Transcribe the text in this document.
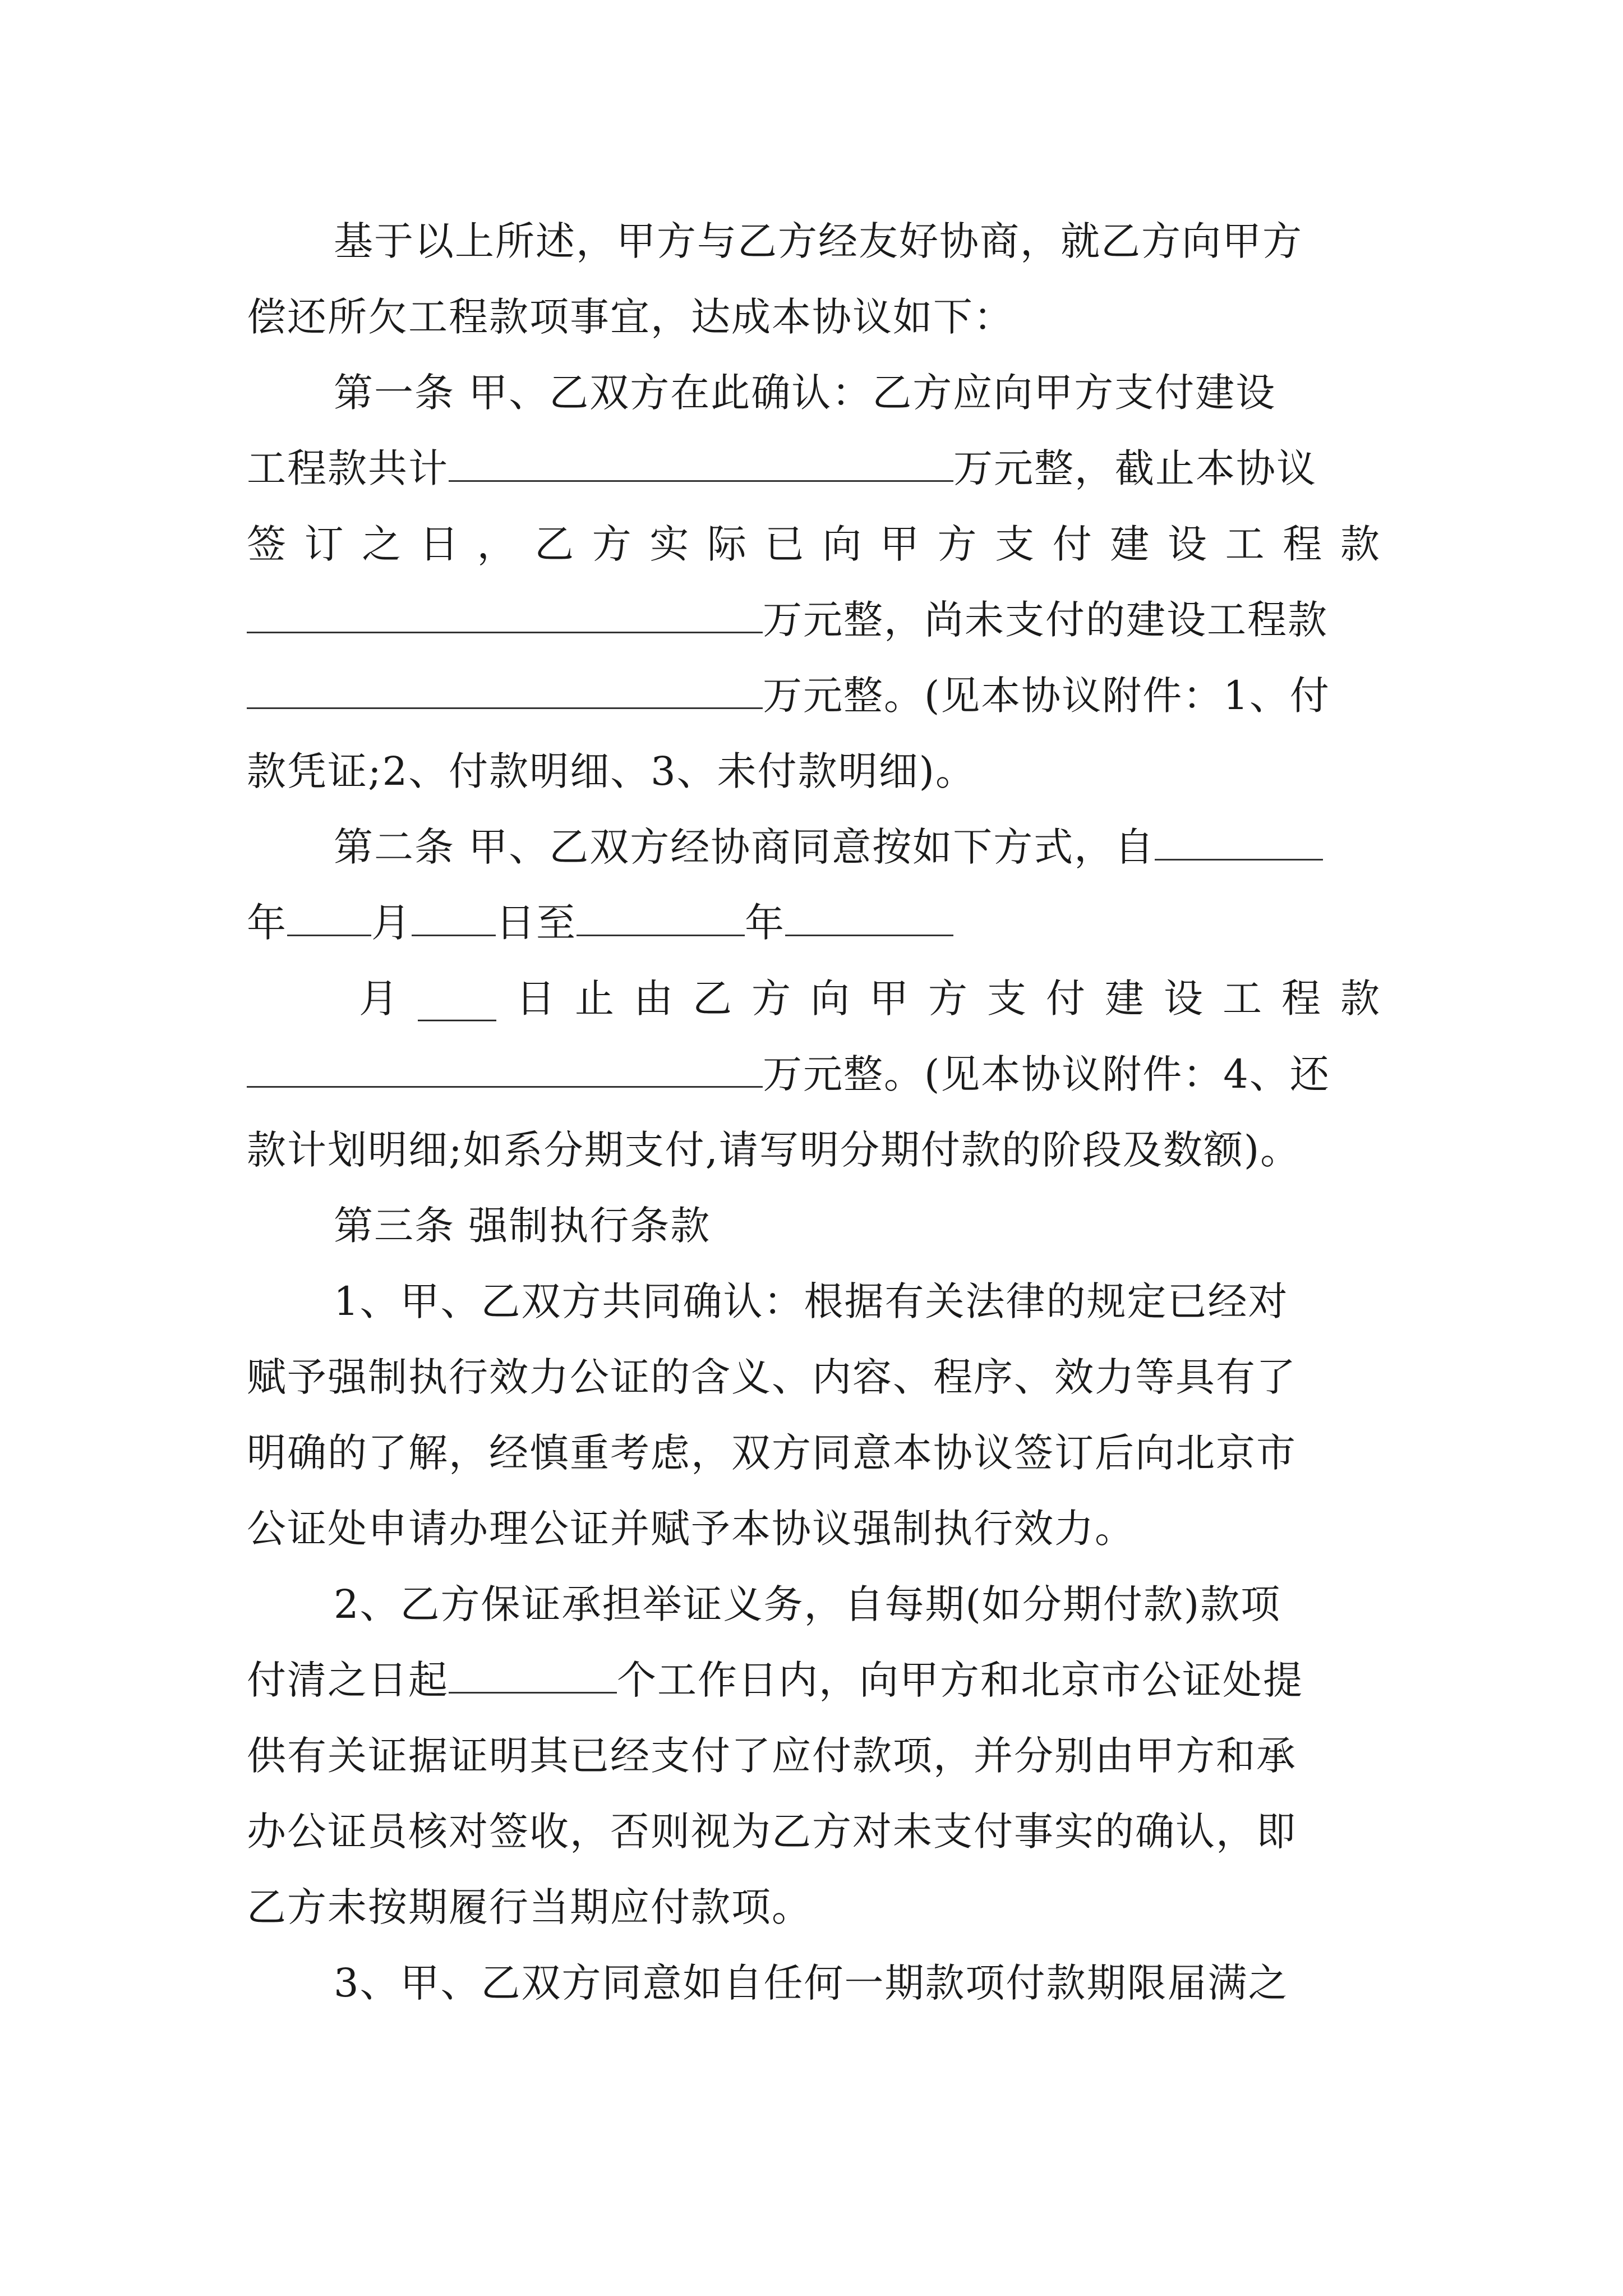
基于以上所述，甲方与乙方经友好协商，就乙方向甲方
偿还所欠工程款项事宜，达成本协议如下：
第一条 甲、乙双方在此确认：乙方应向甲方支付建设
工程款共计	万元整，截止本协议
签 订 之 日 ， 乙 方 实 际 已 向 甲 方 支 付 建 设 工 程 款
万元整，尚未支付的建设工程款
万元整。(见本协议附件：1、付
款凭证;2、付款明细、3、未付款明细)。
第二条 甲、乙双方经协商同意按如下方式，自
年 月 日至	年
月 ____ 日 止 由 乙 方 向 甲 方 支 付 建 设 工 程 款
万元整。(见本协议附件：4、还
款计划明细;如系分期支付,请写明分期付款的阶段及数额)。
第三条 强制执行条款
1、甲、乙双方共同确认：根据有关法律的规定已经对
赋予强制执行效力公证的含义、内容、程序、效力等具有了
明确的了解，经慎重考虑，双方同意本协议签订后向北京市
公证处申请办理公证并赋予本协议强制执行效力。
2、乙方保证承担举证义务，自每期(如分期付款)款项
付清之日起	个工作日内，向甲方和北京市公证处提
供有关证据证明其已经支付了应付款项，并分别由甲方和承
办公证员核对签收，否则视为乙方对未支付事实的确认，即
乙方未按期履行当期应付款项。
3、甲、乙双方同意如自任何一期款项付款期限届满之
